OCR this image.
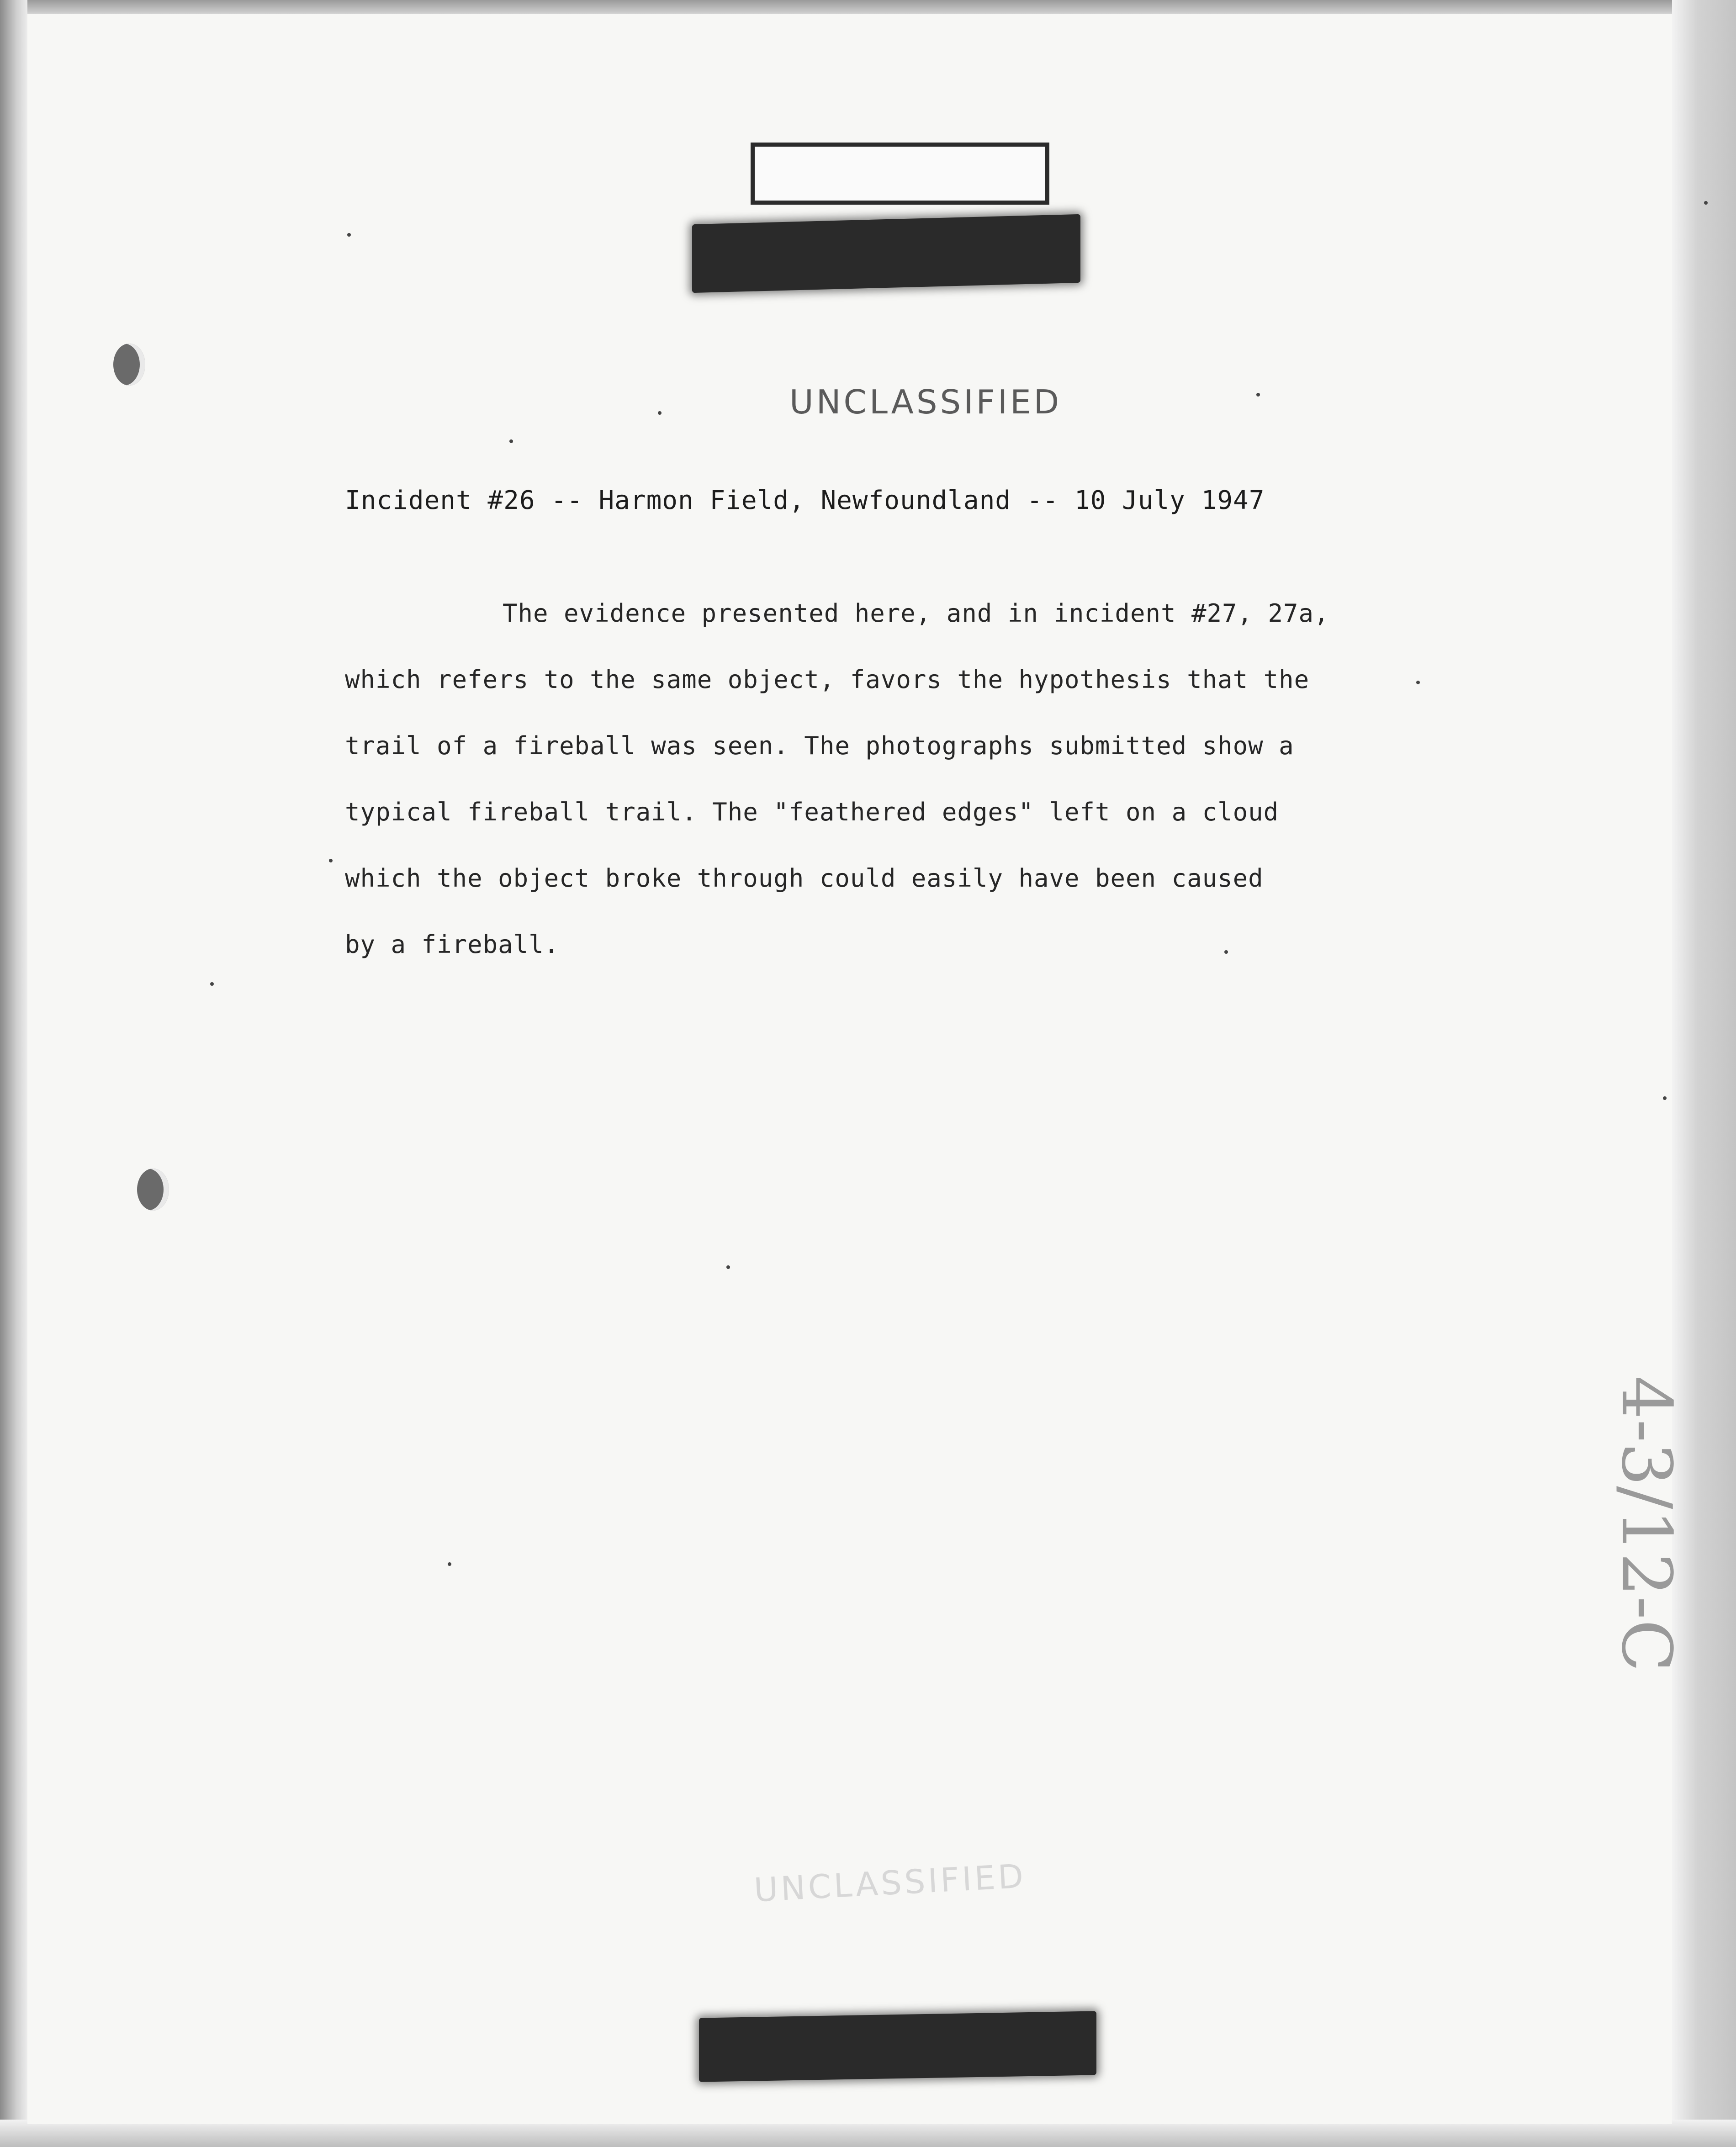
UNCLASSIFIED
Incident #26 -- Harmon Field, Newfoundland -- 10 July 1947
The evidence presented here, and in incident #27, 27a,
which refers to the same object, favors the hypothesis that the
trail of a fireball was seen. The photographs submitted show a
typical fireball trail. The "feathered edges" left on a cloud
which the object broke through could easily have been caused
by a fireball.
UNCLASSIFIED
4-3/12-C
